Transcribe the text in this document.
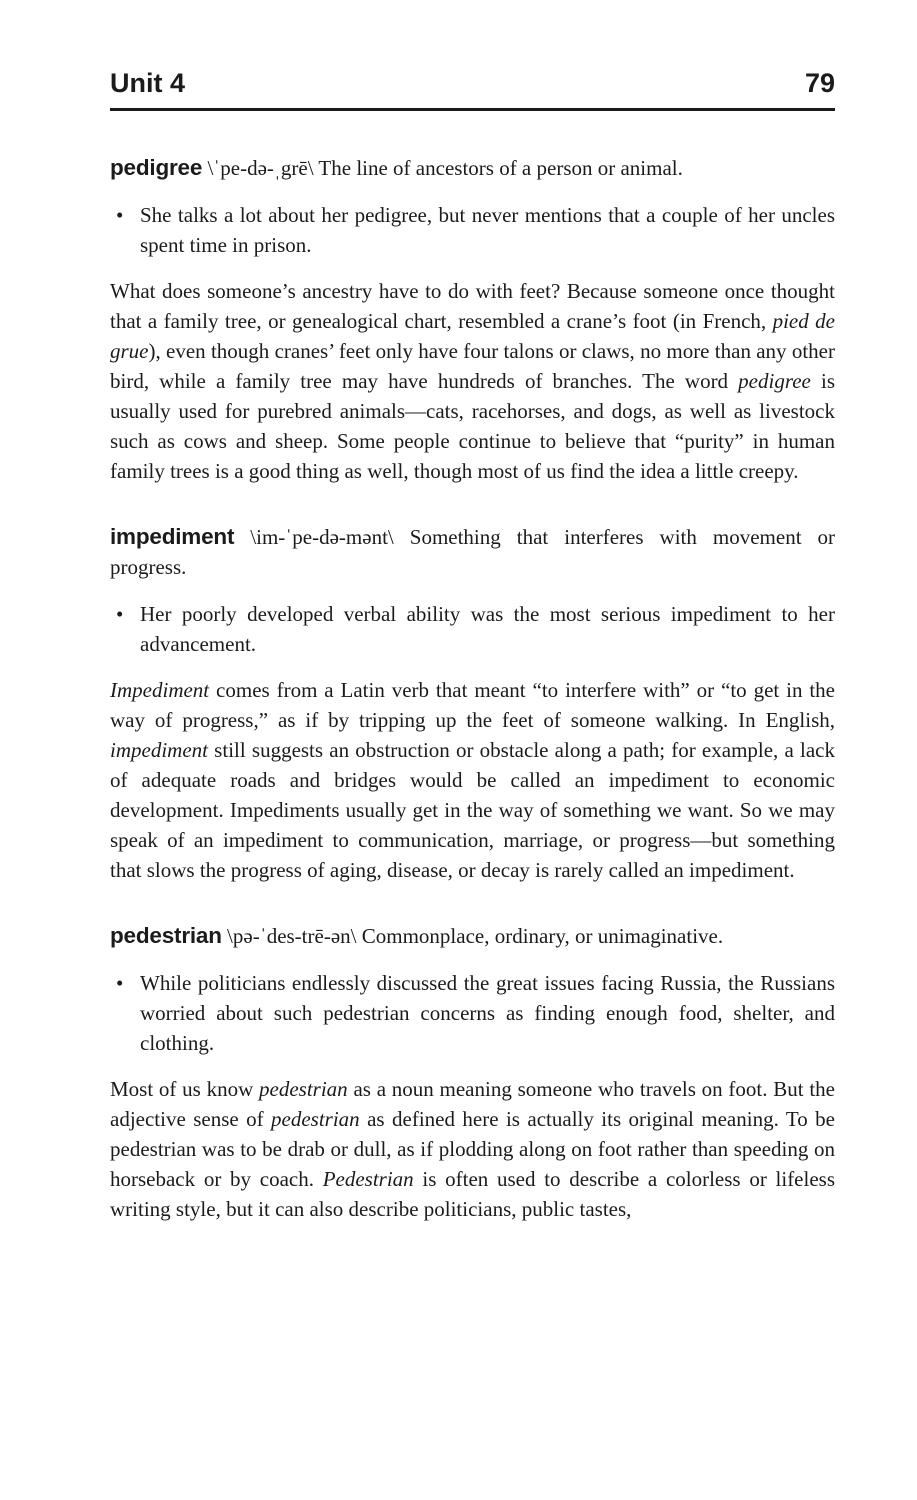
Unit 4	79

pedigree \ˈpe-də-ˌgrē\ The line of ancestors of a person or animal.

• She talks a lot about her pedigree, but never mentions that a couple of her uncles spent time in prison.

What does someone’s ancestry have to do with feet? Because someone once thought that a family tree, or genealogical chart, resembled a crane’s foot (in French, pied de grue), even though cranes’ feet only have four talons or claws, no more than any other bird, while a family tree may have hundreds of branches. The word pedigree is usually used for purebred animals—cats, racehorses, and dogs, as well as livestock such as cows and sheep. Some people continue to believe that “purity” in human family trees is a good thing as well, though most of us find the idea a little creepy.

impediment \im-ˈpe-də-mənt\ Something that interferes with movement or progress.

• Her poorly developed verbal ability was the most serious impediment to her advancement.

Impediment comes from a Latin verb that meant “to interfere with” or “to get in the way of progress,” as if by tripping up the feet of someone walking. In English, impediment still suggests an obstruction or obstacle along a path; for example, a lack of adequate roads and bridges would be called an impediment to economic development. Impediments usually get in the way of something we want. So we may speak of an impediment to communication, marriage, or progress—but something that slows the progress of aging, disease, or decay is rarely called an impediment.

pedestrian \pə-ˈdes-trē-ən\ Commonplace, ordinary, or unimaginative.

• While politicians endlessly discussed the great issues facing Russia, the Russians worried about such pedestrian concerns as finding enough food, shelter, and clothing.

Most of us know pedestrian as a noun meaning someone who travels on foot. But the adjective sense of pedestrian as defined here is actually its original meaning. To be pedestrian was to be drab or dull, as if plodding along on foot rather than speeding on horseback or by coach. Pedestrian is often used to describe a colorless or lifeless writing style, but it can also describe politicians, public tastes,
